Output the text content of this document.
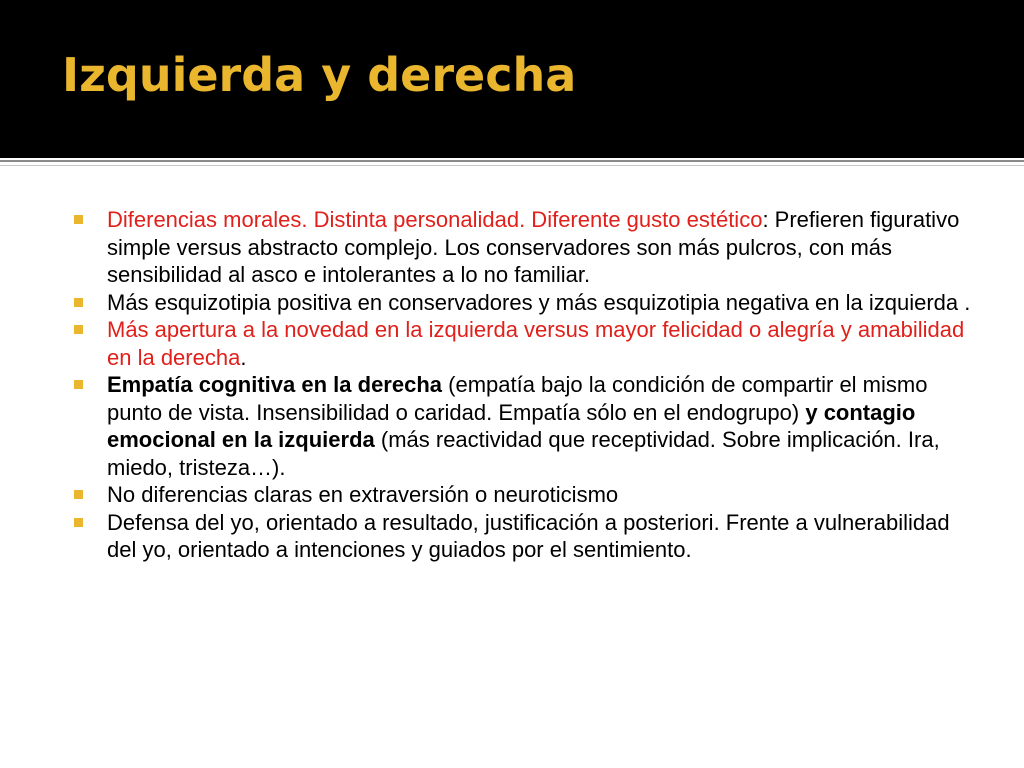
Izquierda y derecha
Diferencias morales. Distinta personalidad. Diferente gusto estético: Prefieren figurativo simple versus abstracto complejo. Los conservadores son más pulcros, con más sensibilidad al asco e intolerantes a lo no familiar.
Más esquizotipia positiva en conservadores y más esquizotipia negativa en la izquierda .
Más apertura a la novedad en la izquierda versus mayor felicidad o alegría y amabilidad en la derecha.
Empatía cognitiva en la derecha (empatía bajo la condición de compartir el mismo punto de vista. Insensibilidad o caridad. Empatía sólo en el endogrupo) y contagio emocional en la izquierda (más reactividad que receptividad. Sobre implicación. Ira, miedo, tristeza…).
No diferencias claras en extraversión o neuroticismo
Defensa del yo, orientado a resultado, justificación a posteriori. Frente a vulnerabilidad del yo, orientado a intenciones y guiados por el sentimiento.
